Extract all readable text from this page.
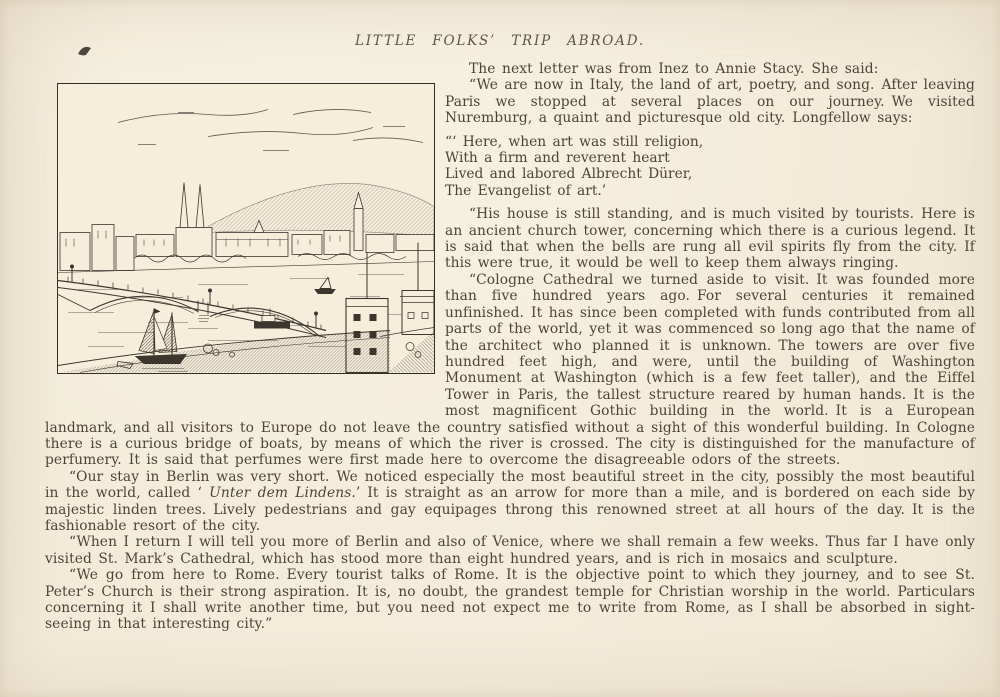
LITTLE FOLKS’ TRIP ABROAD.

The next letter was from Inez to Annie Stacy. She said:

“We are now in Italy, the land of art, poetry, and song. After leaving Paris we stopped at several places on our journey. We visited Nuremburg, a quaint and picturesque old city. Longfellow says:

“‘ Here, when art was still religion,
With a firm and reverent heart
Lived and labored Albrecht Dürer,
The Evangelist of art.’

“His house is still standing, and is much visited by tourists. Here is an ancient church tower, concerning which there is a curious legend. It is said that when the bells are rung all evil spirits fly from the city. If this were true, it would be well to keep them always ringing.

“Cologne Cathedral we turned aside to visit. It was founded more than five hundred years ago. For several centuries it remained unfinished. It has since been completed with funds contributed from all parts of the world, yet it was commenced so long ago that the name of the architect who planned it is unknown. The towers are over five hundred feet high, and were, until the building of Washington Monument at Washington (which is a few feet taller), and the Eiffel Tower in Paris, the tallest structure reared by human hands. It is the most magnificent Gothic building in the world. It is a European landmark, and all visitors to Europe do not leave the country satisfied without a sight of this wonderful building. In Cologne there is a curious bridge of boats, by means of which the river is crossed. The city is distinguished for the manufacture of perfumery. It is said that perfumes were first made here to overcome the disagreeable odors of the streets.

“Our stay in Berlin was very short. We noticed especially the most beautiful street in the city, possibly the most beautiful in the world, called ‘ Unter dem Lindens.’ It is straight as an arrow for more than a mile, and is bordered on each side by majestic linden trees. Lively pedestrians and gay equipages throng this renowned street at all hours of the day. It is the fashionable resort of the city.

“When I return I will tell you more of Berlin and also of Venice, where we shall remain a few weeks. Thus far I have only visited St. Mark’s Cathedral, which has stood more than eight hundred years, and is rich in mosaics and sculpture.

“We go from here to Rome. Every tourist talks of Rome. It is the objective point to which they journey, and to see St. Peter’s Church is their strong aspiration. It is, no doubt, the grandest temple for Christian worship in the world. Particulars concerning it I shall write another time, but you need not expect me to write from Rome, as I shall be absorbed in sight-seeing in that interesting city.”
